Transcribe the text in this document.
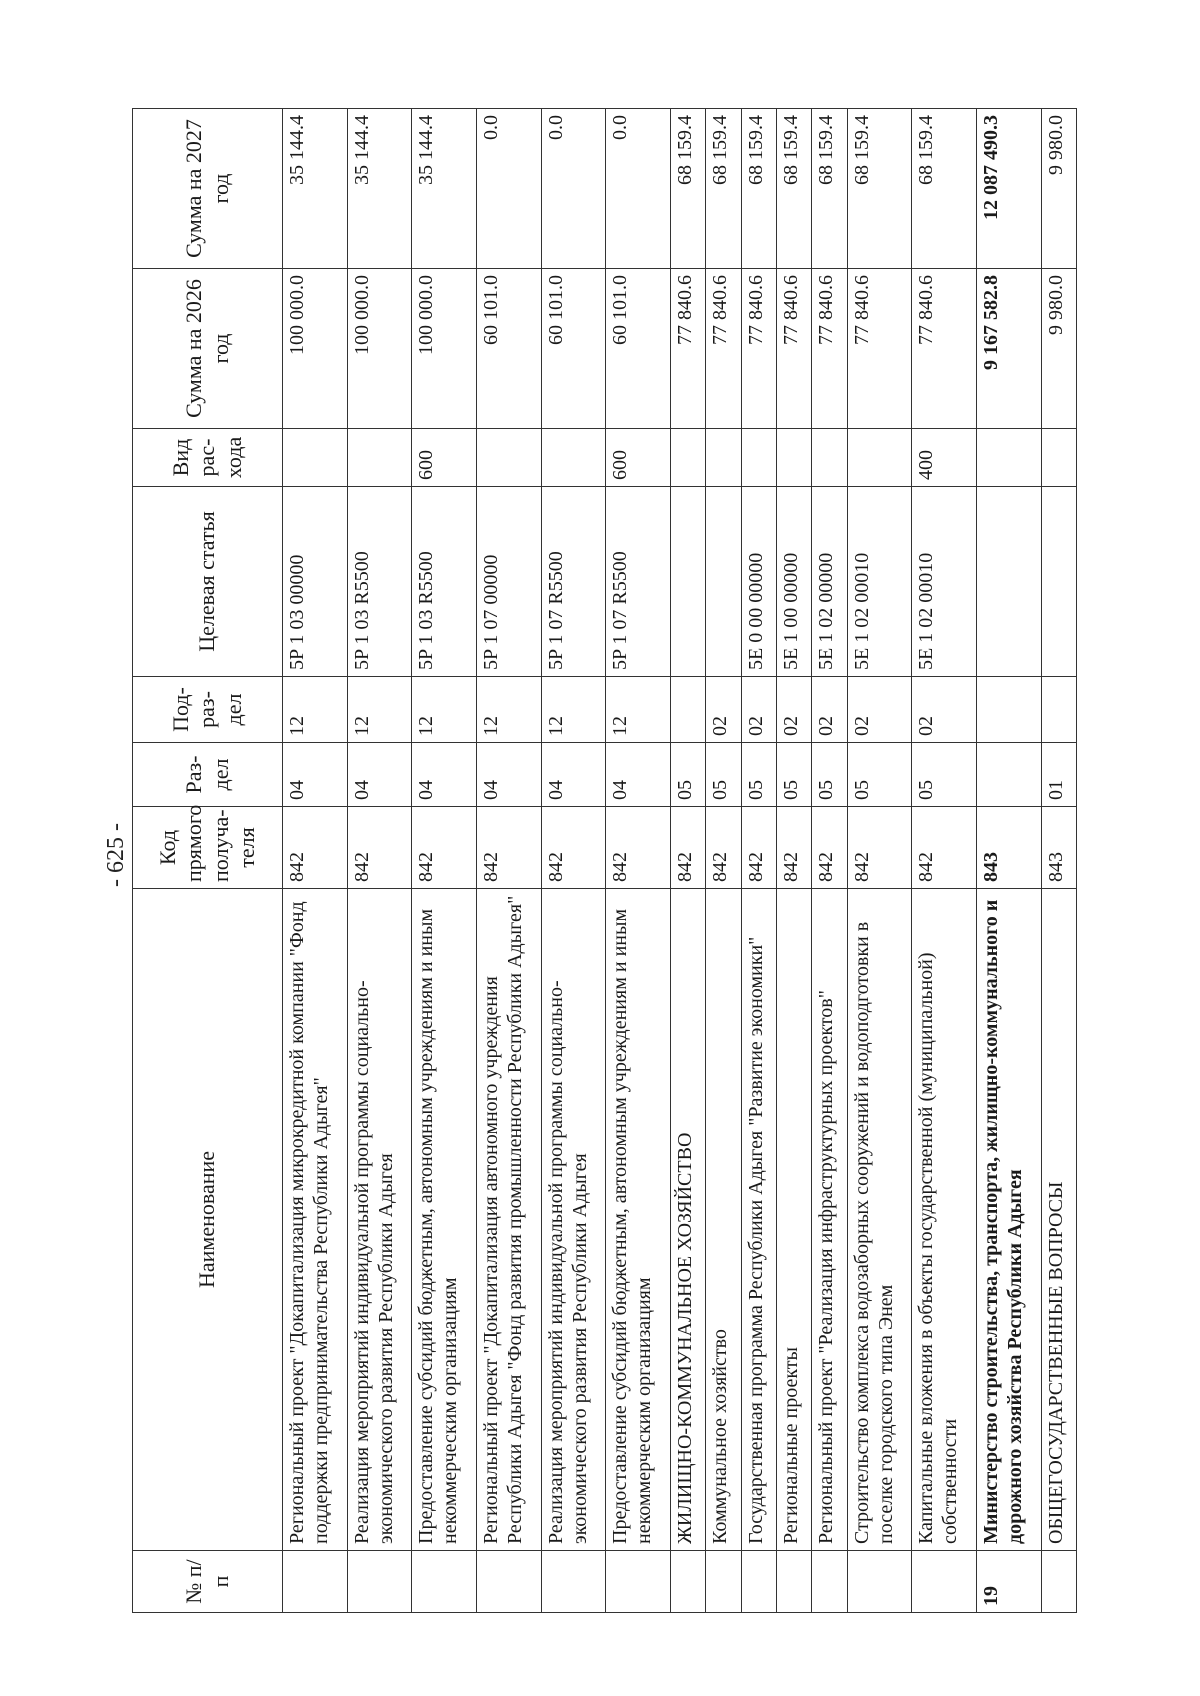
- 625 -
№ п/п	Наименование	Код прямого получа-теля	Раз-дел	Под-раз-дел	Целевая статья	Вид рас-хода	Сумма на 2026 год	Сумма на 2027 год
	Региональный проект "Докапитализация микрокредитной компании "Фонд поддержки предпринимательства Республики Адыгея"	842	04	12	5P 1 03 00000		100 000.0	35 144.4
	Реализация мероприятий индивидуальной программы социально-экономического развития Республики Адыгея	842	04	12	5P 1 03 R5500		100 000.0	35 144.4
	Предоставление субсидий бюджетным, автономным учреждениям и иным некоммерческим организациям	842	04	12	5P 1 03 R5500	600	100 000.0	35 144.4
	Региональный проект "Докапитализация автономного учреждения Республики Адыгея "Фонд развития промышленности Республики Адыгея"	842	04	12	5P 1 07 00000		60 101.0	0.0
	Реализация мероприятий индивидуальной программы социально-экономического развития Республики Адыгея	842	04	12	5P 1 07 R5500		60 101.0	0.0
	Предоставление субсидий бюджетным, автономным учреждениям и иным некоммерческим организациям	842	04	12	5P 1 07 R5500	600	60 101.0	0.0
	ЖИЛИЩНО-КОММУНАЛЬНОЕ ХОЗЯЙСТВО	842	05				77 840.6	68 159.4
	Коммунальное хозяйство	842	05	02			77 840.6	68 159.4
	Государственная программа Республики Адыгея "Развитие экономики"	842	05	02	5E 0 00 00000		77 840.6	68 159.4
	Региональные проекты	842	05	02	5E 1 00 00000		77 840.6	68 159.4
	Региональный проект "Реализация инфраструктурных проектов"	842	05	02	5E 1 02 00000		77 840.6	68 159.4
	Строительство комплекса водозаборных сооружений и водоподготовки в поселке городского типа Энем	842	05	02	5E 1 02 00010		77 840.6	68 159.4
	Капитальные вложения в объекты государственной (муниципальной) собственности	842	05	02	5E 1 02 00010	400	77 840.6	68 159.4
19	Министерство строительства, транспорта, жилищно-коммунального и дорожного хозяйства Республики Адыгея	843					9 167 582.8	12 087 490.3
	ОБЩЕГОСУДАРСТВЕННЫЕ ВОПРОСЫ	843	01				9 980.0	9 980.0
